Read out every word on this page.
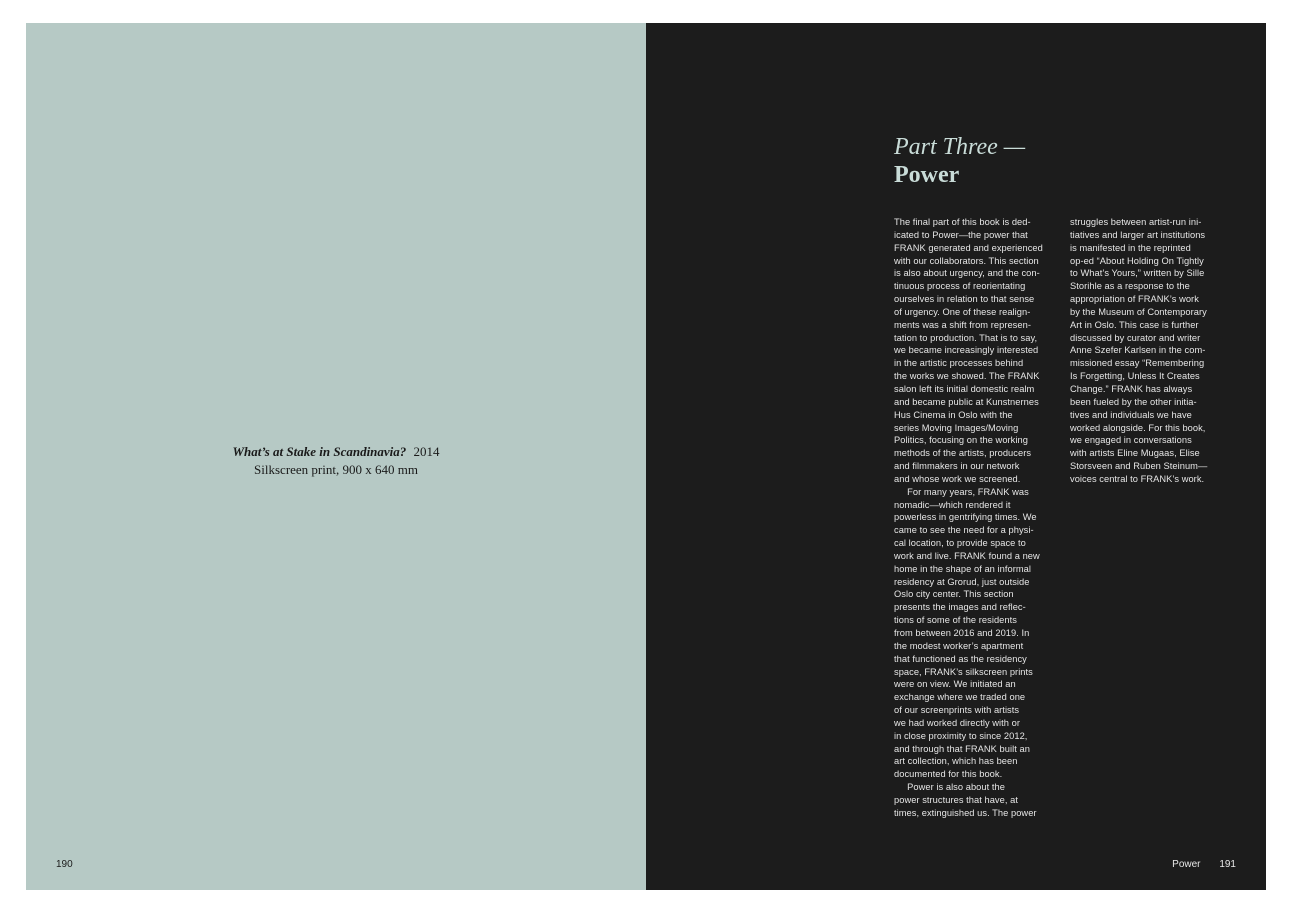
What’s at Stake in Scandinavia? 2014
Silkscreen print, 900 x 640 mm
190
Part Three —
Power
The final part of this book is ded-
icated to Power—the power that
FRANK generated and experienced
with our collaborators. This section
is also about urgency, and the con-
tinuous process of reorientating
ourselves in relation to that sense
of urgency. One of these realign-
ments was a shift from represen-
tation to production. That is to say,
we became increasingly interested
in the artistic processes behind
the works we showed. The FRANK
salon left its initial domestic realm
and became public at Kunstnernes
Hus Cinema in Oslo with the
series Moving Images/Moving
Politics, focusing on the working
methods of the artists, producers
and filmmakers in our network
and whose work we screened.
For many years, FRANK was
nomadic—which rendered it
powerless in gentrifying times. We
came to see the need for a physi-
cal location, to provide space to
work and live. FRANK found a new
home in the shape of an informal
residency at Grorud, just outside
Oslo city center. This section
presents the images and reflec-
tions of some of the residents
from between 2016 and 2019. In
the modest worker’s apartment
that functioned as the residency
space, FRANK’s silkscreen prints
were on view. We initiated an
exchange where we traded one
of our screenprints with artists
we had worked directly with or
in close proximity to since 2012,
and through that FRANK built an
art collection, which has been
documented for this book.
Power is also about the
power structures that have, at
times, extinguished us. The power
struggles between artist-run ini-
tiatives and larger art institutions
is manifested in the reprinted
op-ed “About Holding On Tightly
to What’s Yours,” written by Sille
Storihle as a response to the
appropriation of FRANK’s work
by the Museum of Contemporary
Art in Oslo. This case is further
discussed by curator and writer
Anne Szefer Karlsen in the com-
missioned essay “Remembering
Is Forgetting, Unless It Creates
Change.” FRANK has always
been fueled by the other initia-
tives and individuals we have
worked alongside. For this book,
we engaged in conversations
with artists Eline Mugaas, Elise
Storsveen and Ruben Steinum—
voices central to FRANK’s work.
Power 191
